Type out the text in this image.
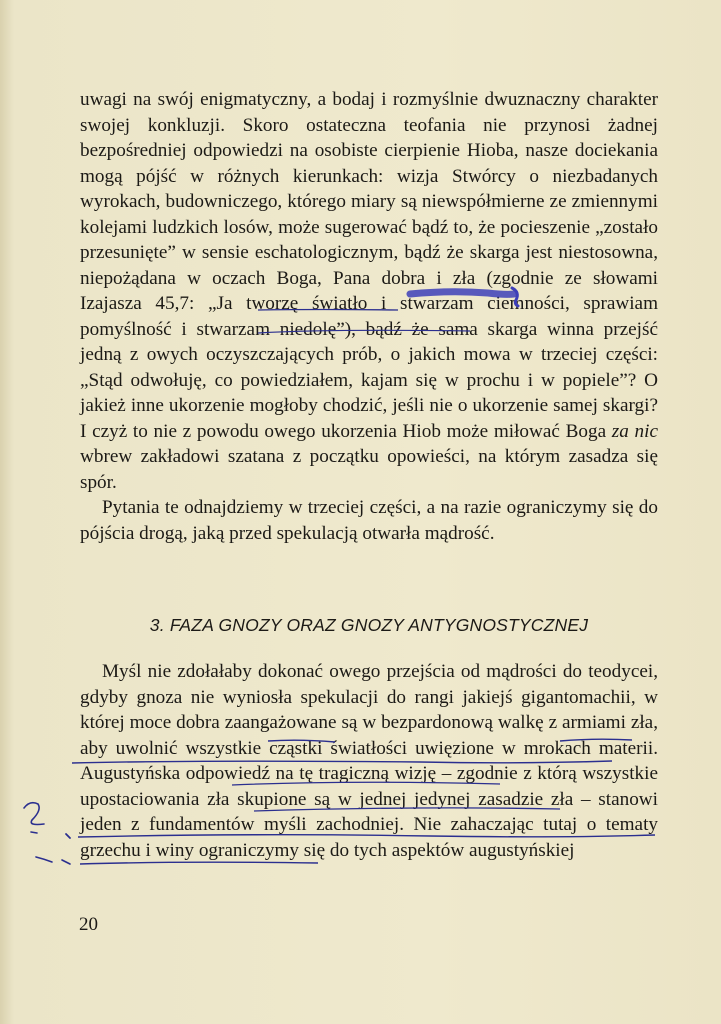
uwagi na swój enigmatyczny, a bodaj i rozmyślnie dwuznaczny charakter swojej konkluzji. Skoro ostateczna teofania nie przynosi żadnej bezpośredniej odpowiedzi na osobiste cierpienie Hioba, nasze dociekania mogą pójść w różnych kierunkach: wizja Stwórcy o niezbadanych wyrokach, budowniczego, którego miary są niewspółmierne ze zmiennymi kolejami ludzkich losów, może sugerować bądź to, że pocieszenie „zostało przesunięte” w sensie eschatologicznym, bądź że skarga jest niestosowna, niepożądana w oczach Boga, Pana dobra i zła (zgodnie ze słowami Izajasza 45,7: „Ja tworzę światło i stwarzam ciemności, sprawiam pomyślność i stwarzam niedolę”), bądź że sama skarga winna przejść jedną z owych oczyszczających prób, o jakich mowa w trzeciej części: „Stąd odwołuję, co powiedziałem, kajam się w prochu i w popiele”? O jakież inne ukorzenie mogłoby chodzić, jeśli nie o ukorzenie samej skargi? I czyż to nie z powodu owego ukorzenia Hiob może miłować Boga za nic wbrew zakładowi szatana z początku opowieści, na którym zasadza się spór.

Pytania te odnajdziemy w trzeciej części, a na razie ograniczymy się do pójścia drogą, jaką przed spekulacją otwarła mądrość.

3. FAZA GNOZY ORAZ GNOZY ANTYGNOSTYCZNEJ

Myśl nie zdołałaby dokonać owego przejścia od mądrości do teodycei, gdyby gnoza nie wyniosła spekulacji do rangi jakiejś gigantomachii, w której moce dobra zaangażowane są w bezpardonową walkę z armiami zła, aby uwolnić wszystkie cząstki światłości uwięzione w mrokach materii. Augustyńska odpowiedź na tę tragiczną wizję – zgodnie z którą wszystkie upostaciowania zła skupione są w jednej jedynej zasadzie zła – stanowi jeden z fundamentów myśli zachodniej. Nie zahaczając tutaj o tematy grzechu i winy ograniczymy się do tych aspektów augustyńskiej

20
